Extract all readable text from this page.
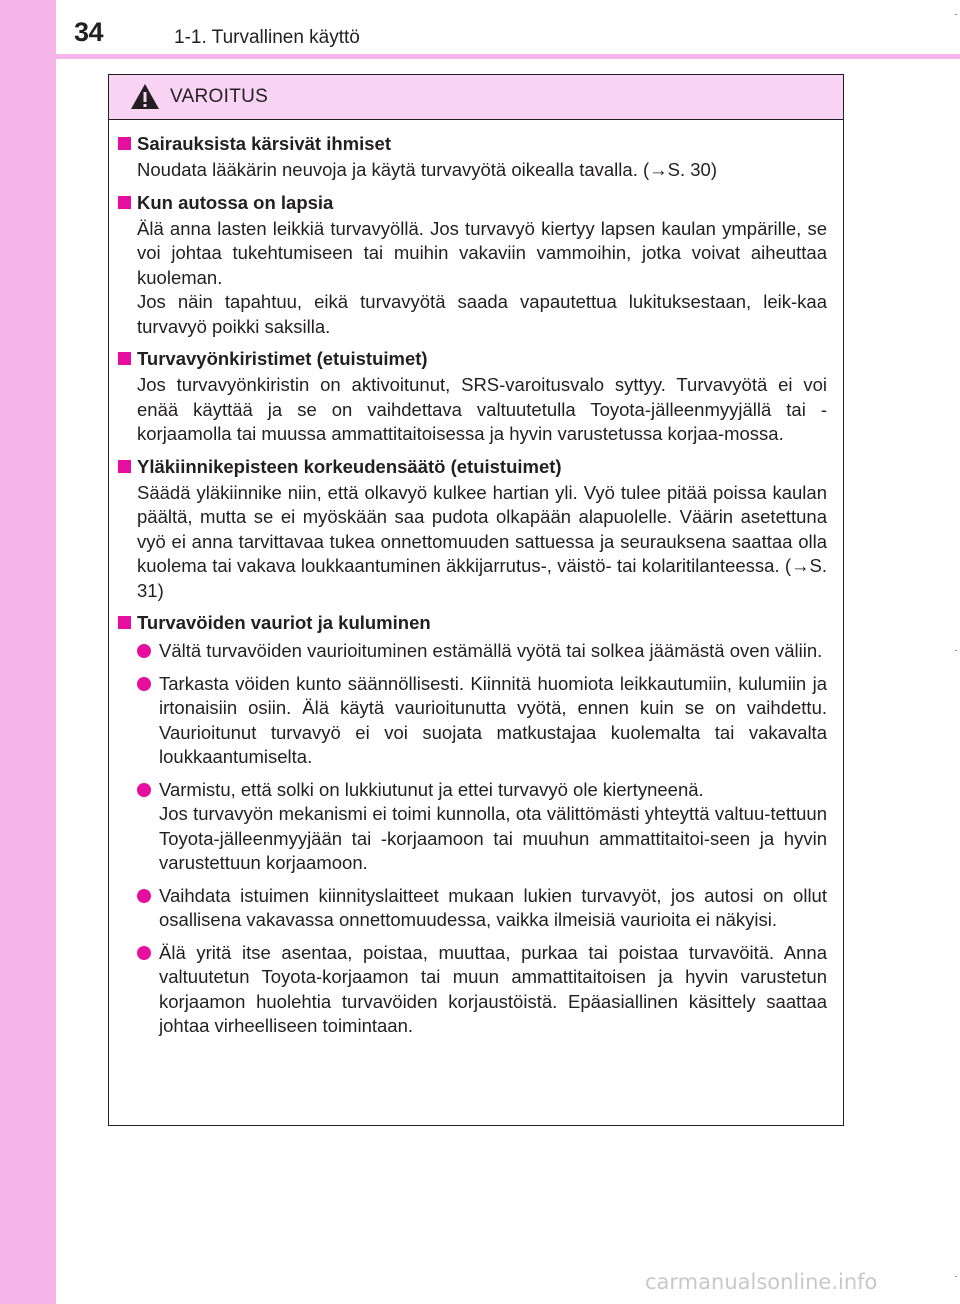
34	1-1. Turvallinen käyttö
VAROITUS
Sairauksista kärsivät ihmiset

Noudata lääkärin neuvoja ja käytä turvavyötä oikealla tavalla. (→S. 30)

Kun autossa on lapsia

Älä anna lasten leikkiä turvavyöllä. Jos turvavyö kiertyy lapsen kaulan ympärille, se voi johtaa tukehtumiseen tai muihin vakaviin vammoihin, jotka voivat aiheuttaa kuoleman.

Jos näin tapahtuu, eikä turvavyötä saada vapautettua lukituksestaan, leik-kaa turvavyö poikki saksilla.

Turvavyönkiristimet (etuistuimet)

Jos turvavyönkiristin on aktivoitunut, SRS-varoitusvalo syttyy. Turvavyötä ei voi enää käyttää ja se on vaihdettava valtuutetulla Toyota-jälleenmyyjällä tai -korjaamolla tai muussa ammattitaitoisessa ja hyvin varustetussa korjaa-mossa.

Yläkiinnikepisteen korkeudensäätö (etuistuimet)

Säädä yläkiinnike niin, että olkavyö kulkee hartian yli. Vyö tulee pitää poissa kaulan päältä, mutta se ei myöskään saa pudota olkapään alapuolelle. Väärin asetettuna vyö ei anna tarvittavaa tukea onnettomuuden sattuessa ja seurauksena saattaa olla kuolema tai vakava loukkaantuminen äkkijarrutus-, väistö- tai kolaritilanteessa. (→S. 31)

Turvavöiden vauriot ja kuluminen
Vältä turvavöiden vaurioituminen estämällä vyötä tai solkea jäämästä oven väliin.
Tarkasta vöiden kunto säännöllisesti. Kiinnitä huomiota leikkautumiin, kulumiin ja irtonaisiin osiin. Älä käytä vaurioitunutta vyötä, ennen kuin se on vaihdettu. Vaurioitunut turvavyö ei voi suojata matkustajaa kuolemalta tai vakavalta loukkaantumiselta.
Varmistu, että solki on lukkiutunut ja ettei turvavyö ole kiertyneenä.
Jos turvavyön mekanismi ei toimi kunnolla, ota välittömästi yhteyttä valtuu-tettuun Toyota-jälleenmyyjään tai -korjaamoon tai muuhun ammattitaitoi-seen ja hyvin varustettuun korjaamoon.
Vaihdata istuimen kiinnityslaitteet mukaan lukien turvavyöt, jos autosi on ollut osallisena vakavassa onnettomuudessa, vaikka ilmeisiä vaurioita ei näkyisi.
Älä yritä itse asentaa, poistaa, muuttaa, purkaa tai poistaa turvavöitä. Anna valtuutetun Toyota-korjaamon tai muun ammattitaitoisen ja hyvin varustetun korjaamon huolehtia turvavöiden korjaustöistä. Epäasiallinen käsittely saattaa johtaa virheelliseen toimintaan.
carmanualsonline.info
